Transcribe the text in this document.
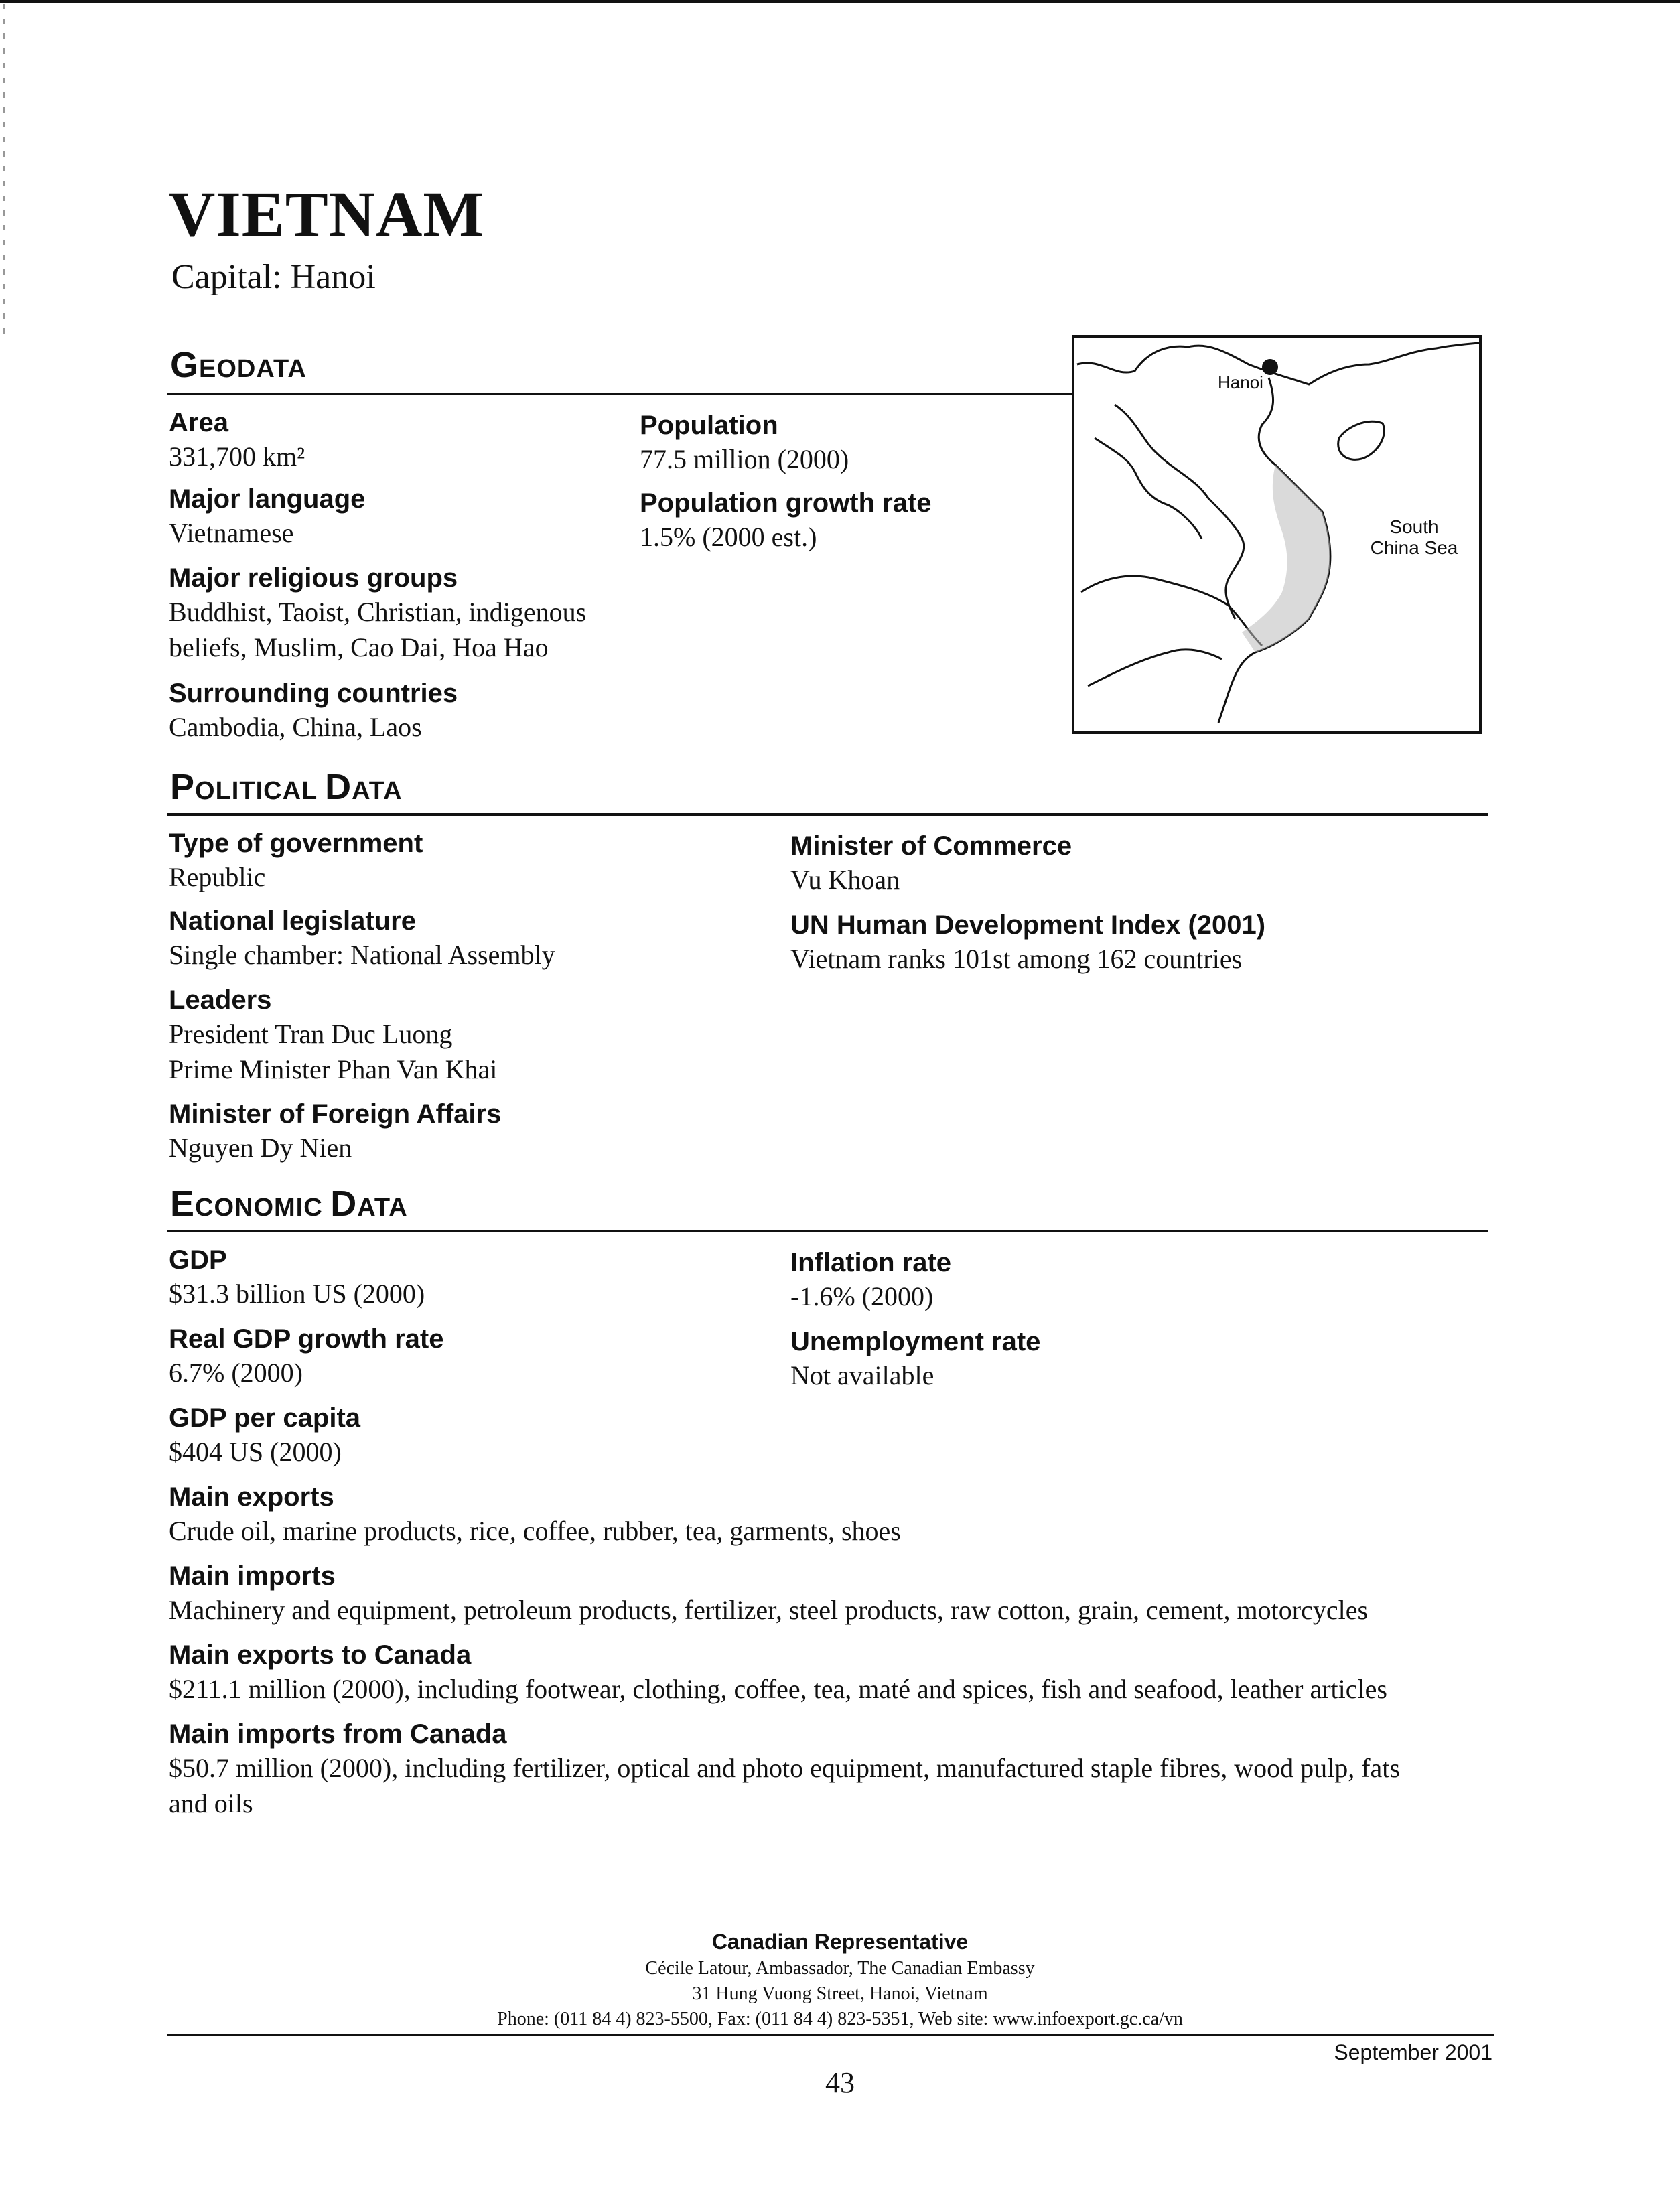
VIETNAM
Capital: Hanoi
GEODATA
Area
331,700 km²
Major language
Vietnamese
Major religious groups
Buddhist, Taoist, Christian, indigenous
beliefs, Muslim, Cao Dai, Hoa Hao
Surrounding countries
Cambodia, China, Laos
Population
77.5 million (2000)
Population growth rate
1.5% (2000 est.)
Hanoi
South
China Sea
POLITICAL DATA
Type of government
Republic
National legislature
Single chamber: National Assembly
Leaders
President Tran Duc Luong
Prime Minister Phan Van Khai
Minister of Foreign Affairs
Nguyen Dy Nien
Minister of Commerce
Vu Khoan
UN Human Development Index (2001)
Vietnam ranks 101st among 162 countries
ECONOMIC DATA
GDP
$31.3 billion US (2000)
Real GDP growth rate
6.7% (2000)
GDP per capita
$404 US (2000)
Inflation rate
-1.6% (2000)
Unemployment rate
Not available
Main exports
Crude oil, marine products, rice, coffee, rubber, tea, garments, shoes
Main imports
Machinery and equipment, petroleum products, fertilizer, steel products, raw cotton, grain, cement, motorcycles
Main exports to Canada
$211.1 million (2000), including footwear, clothing, coffee, tea, maté and spices, fish and seafood, leather articles
Main imports from Canada
$50.7 million (2000), including fertilizer, optical and photo equipment, manufactured staple fibres, wood pulp, fats
and oils
Canadian Representative
Cécile Latour, Ambassador, The Canadian Embassy
31 Hung Vuong Street, Hanoi, Vietnam
Phone: (011 84 4) 823-5500, Fax: (011 84 4) 823-5351, Web site: www.infoexport.gc.ca/vn
September 2001
43
